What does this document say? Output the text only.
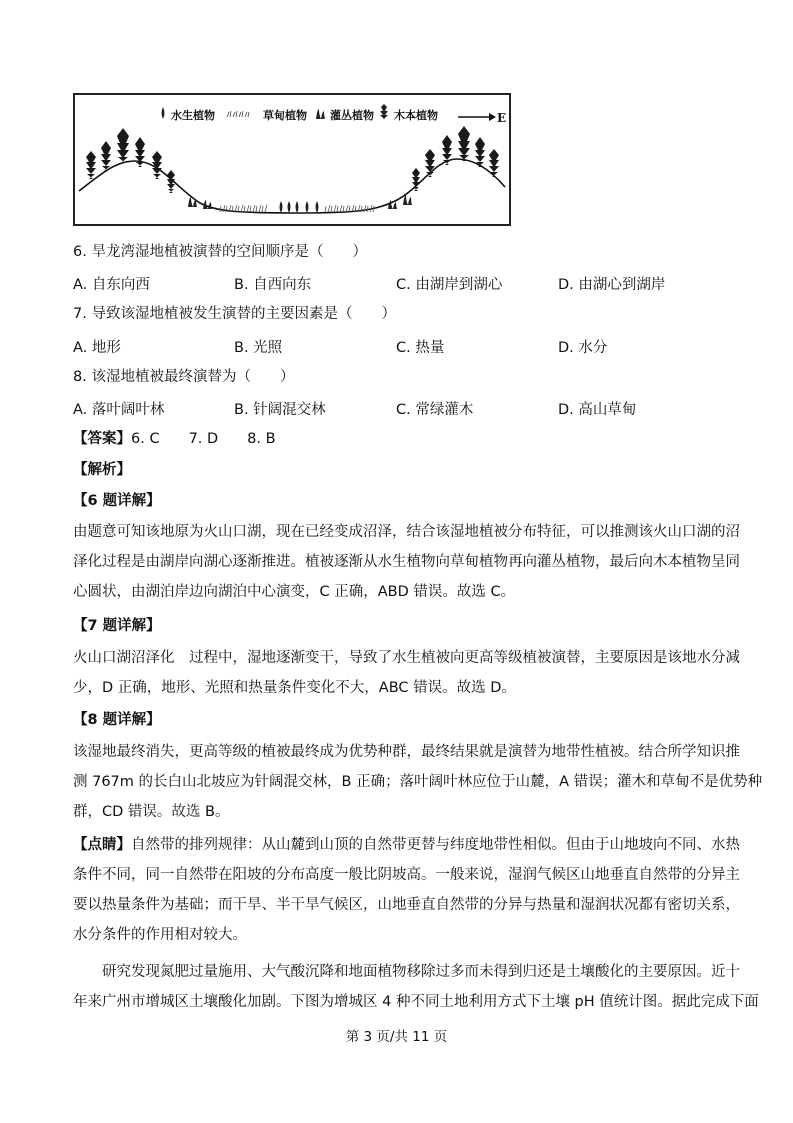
水生植物	草甸植物 灌丛植物 木本植物	E
6. 旱龙湾湿地植被演替的空间顺序是（　　）
A. 自东向西	B. 自西向东	C. 由湖岸到湖心	D. 由湖心到湖岸
7. 导致该湿地植被发生演替的主要因素是（　　）
A. 地形	B. 光照	C. 热量	D. 水分
8. 该湿地植被最终演替为（　　）
A. 落叶阔叶林	B. 针阔混交林	C. 常绿灌木	D. 高山草甸
【答案】6. C　　7. D　　8. B
【解析】
【6 题详解】
由题意可知该地原为火山口湖，现在已经变成沼泽，结合该湿地植被分布特征，可以推测该火山口湖的沼
泽化过程是由湖岸向湖心逐渐推进。植被逐渐从水生植物向草甸植物再向灌丛植物，最后向木本植物呈同
心圆状，由湖泊岸边向湖泊中心演变，C 正确，ABD 错误。故选 C。
【7 题详解】
火山口湖沼泽化　过程中，湿地逐渐变干，导致了水生植被向更高等级植被演替，主要原因是该地水分减
少，D 正确，地形、光照和热量条件变化不大，ABC 错误。故选 D。
【8 题详解】
该湿地最终消失，更高等级的植被最终成为优势种群，最终结果就是演替为地带性植被。结合所学知识推
测 767m 的长白山北坡应为针阔混交林，B 正确；落叶阔叶林应位于山麓，A 错误；灌木和草甸不是优势种
群，CD 错误。故选 B。
【点睛】自然带的排列规律：从山麓到山顶的自然带更替与纬度地带性相似。但由于山地坡向不同、水热
条件不同，同一自然带在阳坡的分布高度一般比阴坡高。一般来说，湿润气候区山地垂直自然带的分异主
要以热量条件为基础；而干旱、半干旱气候区，山地垂直自然带的分异与热量和湿润状况都有密切关系，
水分条件的作用相对较大。
　　研究发现氮肥过量施用、大气酸沉降和地面植物移除过多而未得到归还是土壤酸化的主要原因。近十
年来广州市增城区土壤酸化加剧。下图为增城区 4 种不同土地利用方式下土壤 pH 值统计图。据此完成下面
第 3 页/共 11 页
